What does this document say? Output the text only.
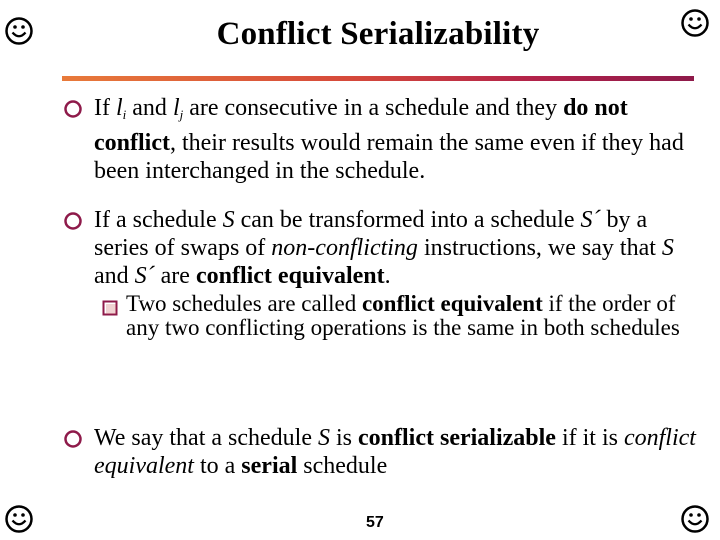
Conflict Serializability
If $l_i$ and $l_j$ are consecutive in a schedule and they do not conflict, their results would remain the same even if they had been interchanged in the schedule.
If a schedule S can be transformed into a schedule S´ by a series of swaps of non-conflicting instructions, we say that S and S´ are conflict equivalent.
Two schedules are called conflict equivalent if the order of any two conflicting operations is the same in both schedules
We say that a schedule S is conflict serializable if it is conflict equivalent to a serial schedule
57
